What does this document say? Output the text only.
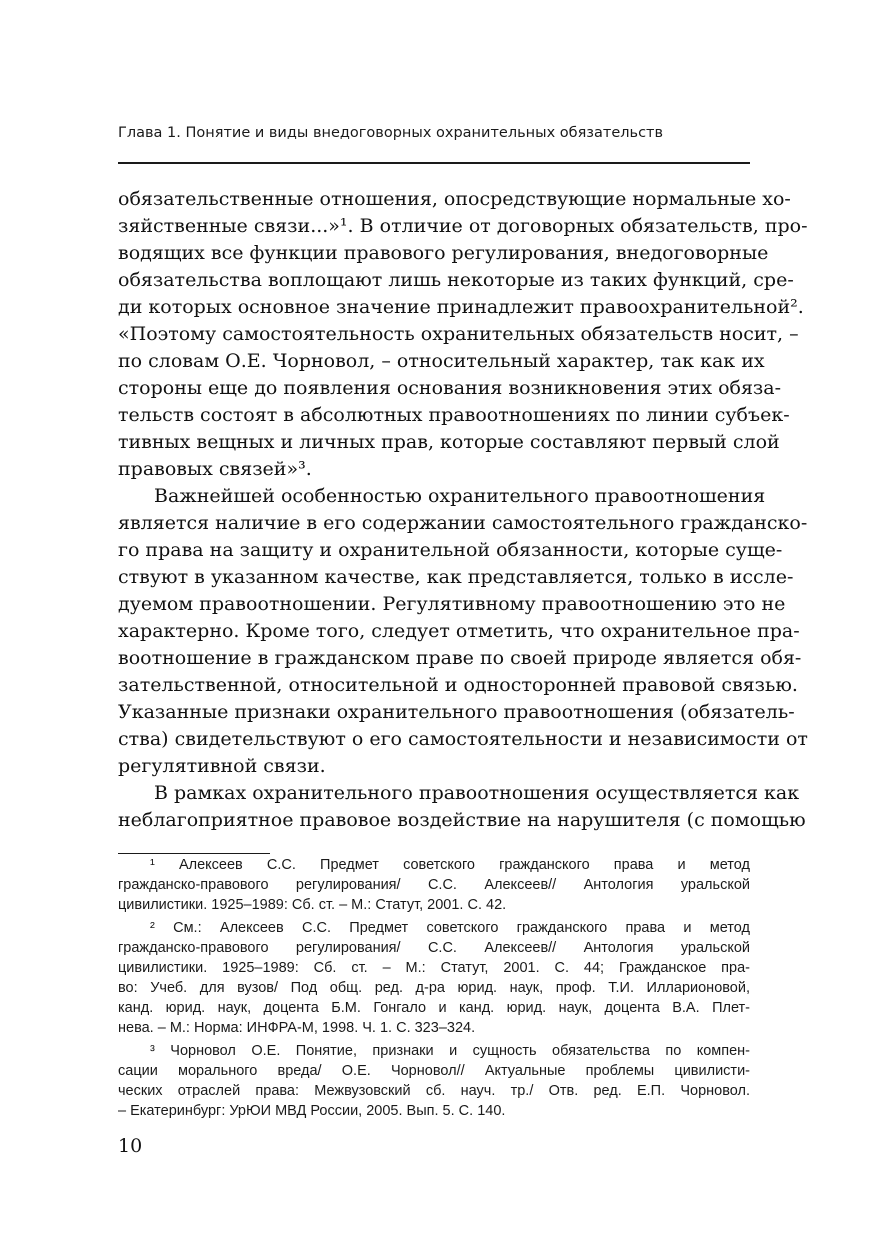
Глава 1. Понятие и виды внедоговорных охранительных обязательств
обязательственные отношения, опосредствующие нормальные хо-
зяйственные связи...»¹. В отличие от договорных обязательств, про-
водящих все функции правового регулирования, внедоговорные
обязательства воплощают лишь некоторые из таких функций, сре-
ди которых основное значение принадлежит правоохранительной².
«Поэтому самостоятельность охранительных обязательств носит, –
по словам О.Е. Чорновол, – относительный характер, так как их
стороны еще до появления основания возникновения этих обяза-
тельств состоят в абсолютных правоотношениях по линии субъек-
тивных вещных и личных прав, которые составляют первый слой
правовых связей»³.
Важнейшей особенностью охранительного правоотношения
является наличие в его содержании самостоятельного гражданско-
го права на защиту и охранительной обязанности, которые суще-
ствуют в указанном качестве, как представляется, только в иссле-
дуемом правоотношении. Регулятивному правоотношению это не
характерно. Кроме того, следует отметить, что охранительное пра-
воотношение в гражданском праве по своей природе является обя-
зательственной, относительной и односторонней правовой связью.
Указанные признаки охранительного правоотношения (обязатель-
ства) свидетельствуют о его самостоятельности и независимости от
регулятивной связи.
В рамках охранительного правоотношения осуществляется как
неблагоприятное правовое воздействие на нарушителя (с помощью
¹ Алексеев С.С. Предмет советского гражданского права и метод
гражданско-правового регулирования/ С.С. Алексеев// Антология уральской
цивилистики. 1925–1989: Сб. ст. – М.: Статут, 2001. С. 42.
² См.: Алексеев С.С. Предмет советского гражданского права и метод
гражданско-правового регулирования/ С.С. Алексеев// Антология уральской
цивилистики. 1925–1989: Сб. ст. – М.: Статут, 2001. С. 44; Гражданское пра-
во: Учеб. для вузов/ Под общ. ред. д-ра юрид. наук, проф. Т.И. Илларионовой,
канд. юрид. наук, доцента Б.М. Гонгало и канд. юрид. наук, доцента В.А. Плет-
нева. – М.: Норма: ИНФРА-М, 1998. Ч. 1. С. 323–324.
³ Чорновол О.Е. Понятие, признаки и сущность обязательства по компен-
сации морального вреда/ О.Е. Чорновол// Актуальные проблемы цивилисти-
ческих отраслей права: Межвузовский сб. науч. тр./ Отв. ред. Е.П. Чорновол.
– Екатеринбург: УрЮИ МВД России, 2005. Вып. 5. С. 140.
10
